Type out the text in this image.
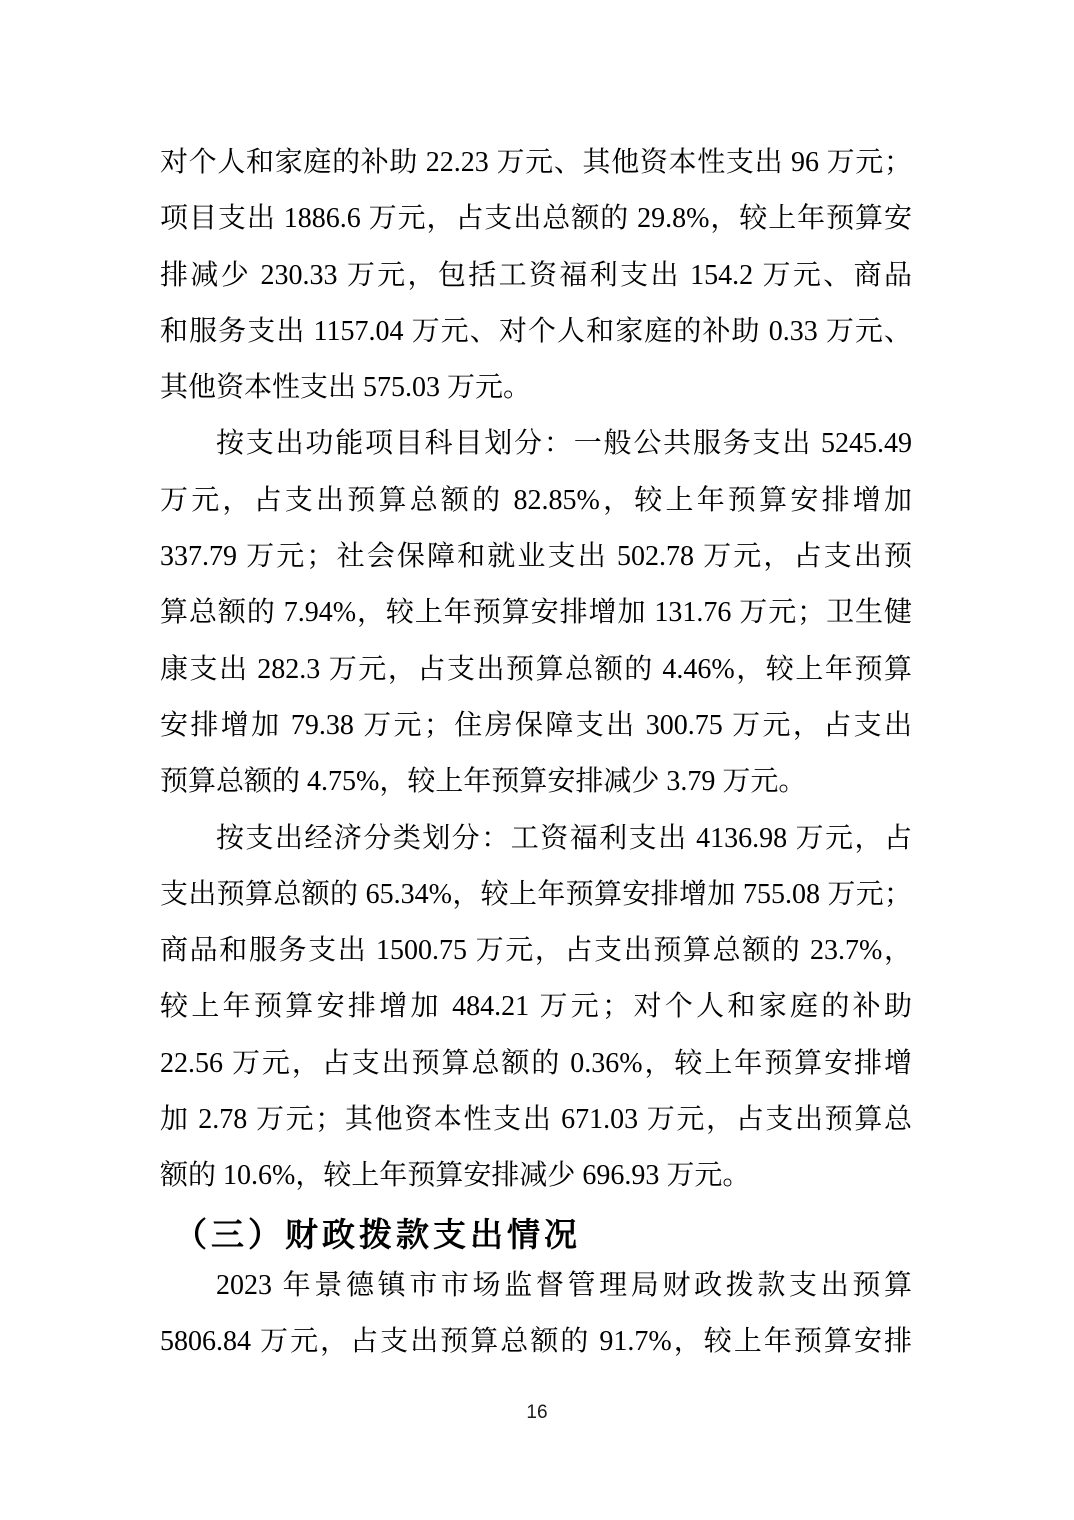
对个人和家庭的补助 22.23 万元、其他资本性支出 96 万元；
项目支出 1886.6 万元，占支出总额的 29.8%，较上年预算安
排减少 230.33 万元，包括工资福利支出 154.2 万元、商品
和服务支出 1157.04 万元、对个人和家庭的补助 0.33 万元、
其他资本性支出 575.03 万元。
按支出功能项目科目划分：一般公共服务支出 5245.49
万元，占支出预算总额的 82.85%，较上年预算安排增加
337.79 万元；社会保障和就业支出 502.78 万元，占支出预
算总额的 7.94%，较上年预算安排增加 131.76 万元；卫生健
康支出 282.3 万元，占支出预算总额的 4.46%，较上年预算
安排增加 79.38 万元；住房保障支出 300.75 万元，占支出
预算总额的 4.75%，较上年预算安排减少 3.79 万元。
按支出经济分类划分：工资福利支出 4136.98 万元，占
支出预算总额的 65.34%，较上年预算安排增加 755.08 万元；
商品和服务支出 1500.75 万元，占支出预算总额的 23.7%，
较上年预算安排增加 484.21 万元；对个人和家庭的补助
22.56 万元，占支出预算总额的 0.36%，较上年预算安排增
加 2.78 万元；其他资本性支出 671.03 万元，占支出预算总
额的 10.6%，较上年预算安排减少 696.93 万元。
（三）财政拨款支出情况
2023 年景德镇市市场监督管理局财政拨款支出预算
5806.84 万元，占支出预算总额的 91.7%，较上年预算安排
16
